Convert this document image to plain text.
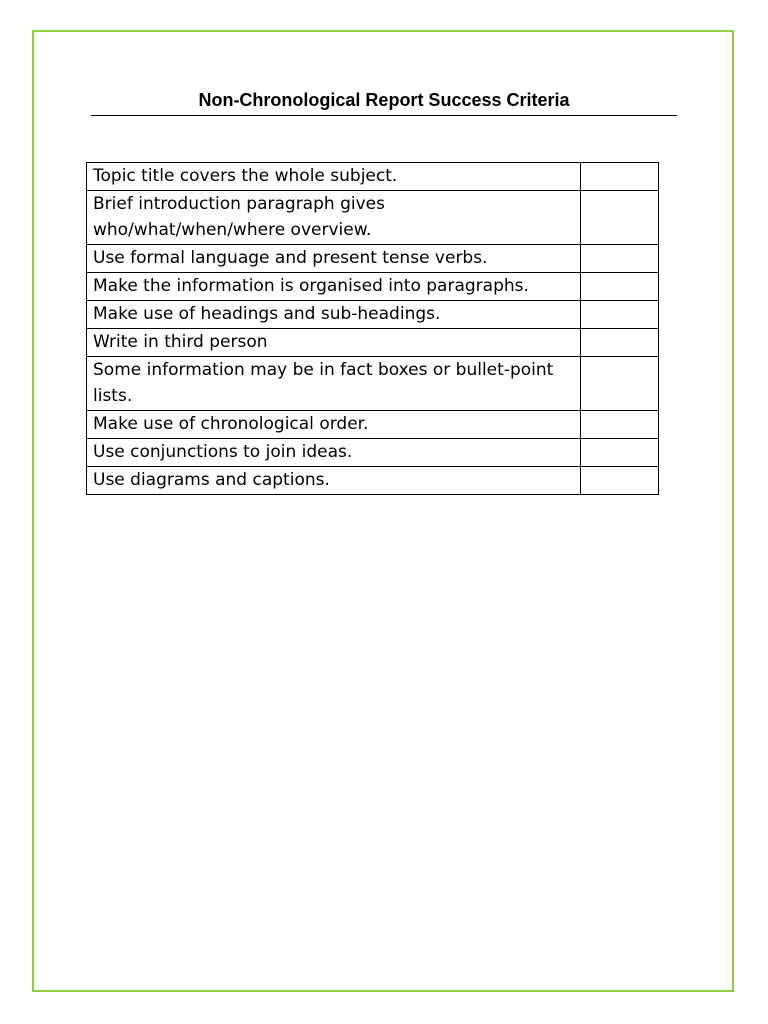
Non-Chronological Report Success Criteria
Topic title covers the whole subject.	
Brief introduction paragraph gives who/what/when/where overview.	
Use formal language and present tense verbs.	
Make the information is organised into paragraphs.	
Make use of headings and sub-headings.	
Write in third person	
Some information may be in fact boxes or bullet-point lists.	
Make use of chronological order.	
Use conjunctions to join ideas.	
Use diagrams and captions.	
